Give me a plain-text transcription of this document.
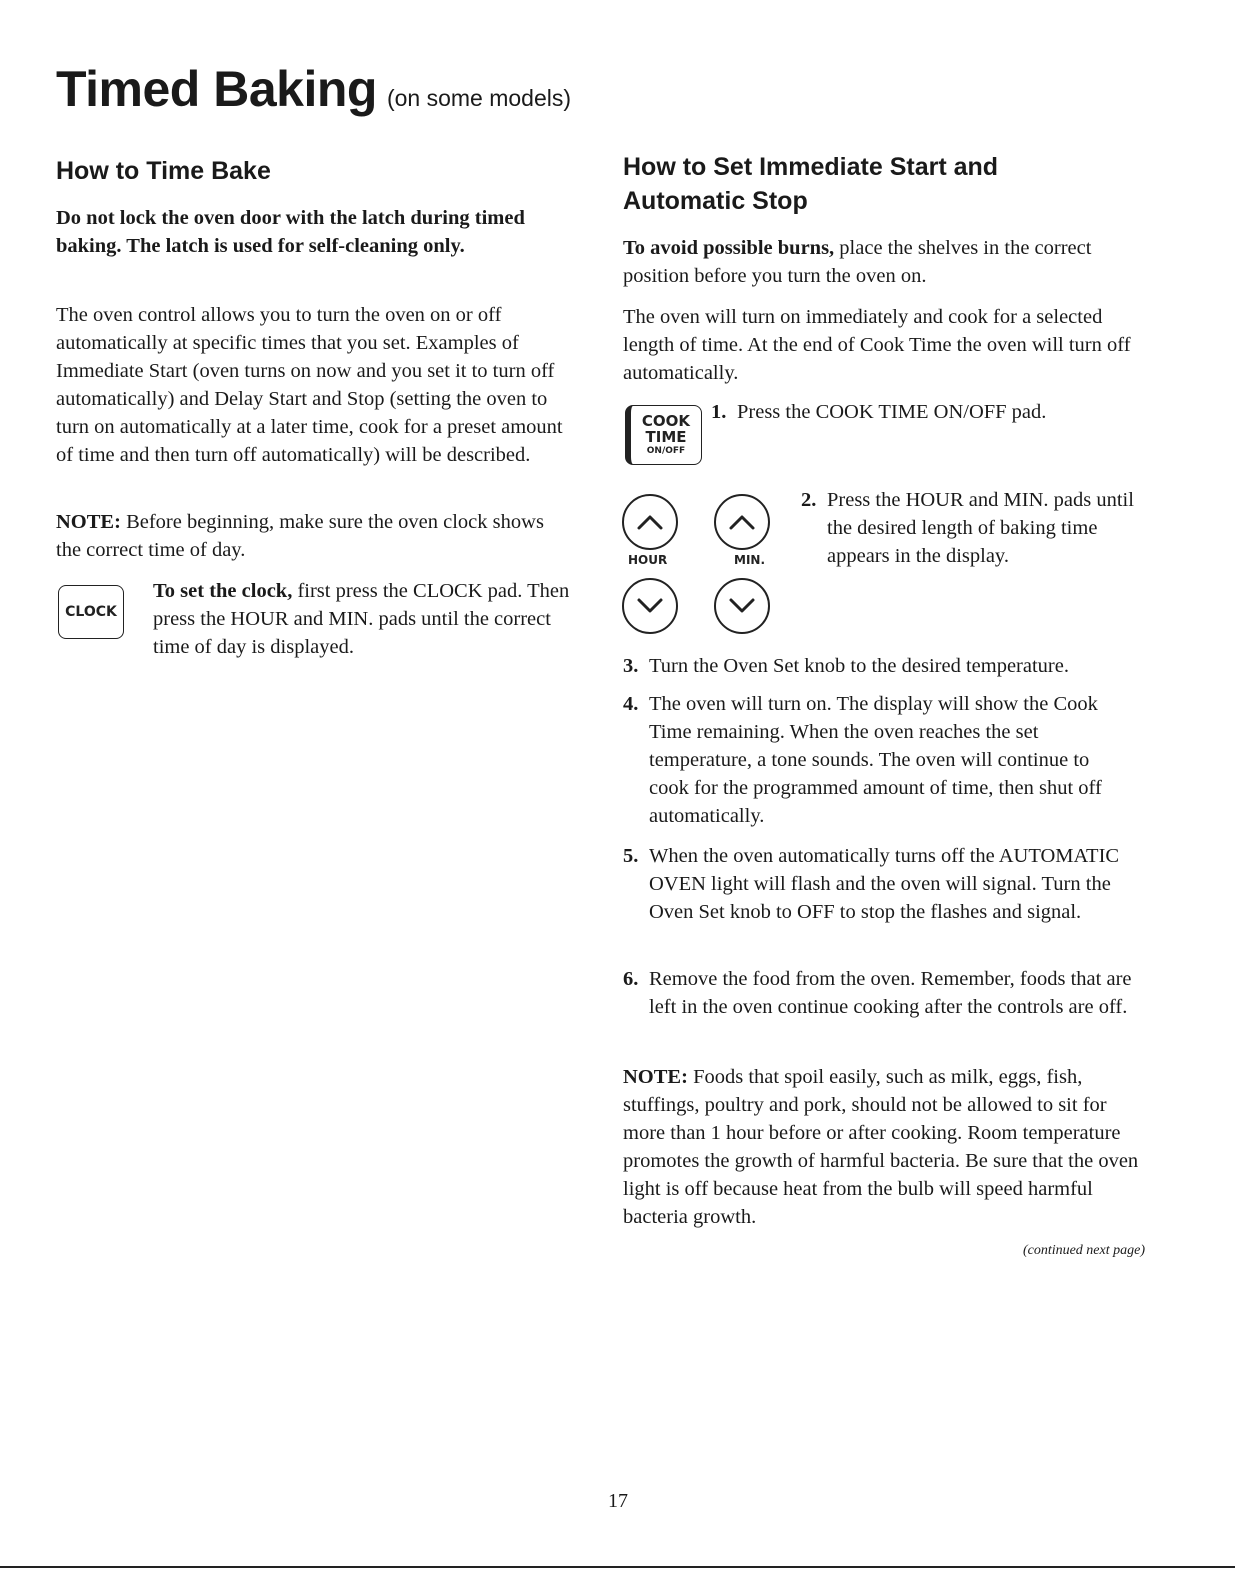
Timed Baking (on some models)
How to Time Bake
Do not lock the oven door with the latch during timed baking. The latch is used for self-cleaning only.
The oven control allows you to turn the oven on or off automatically at specific times that you set. Examples of Immediate Start (oven turns on now and you set it to turn off automatically) and Delay Start and Stop (setting the oven to turn on automatically at a later time, cook for a preset amount of time and then turn off automatically) will be described.
NOTE: Before beginning, make sure the oven clock shows the correct time of day.
CLOCK
To set the clock, first press the CLOCK pad. Then press the HOUR and MIN. pads until the correct time of day is displayed.
How to Set Immediate Start and
Automatic Stop
To avoid possible burns, place the shelves in the correct position before you turn the oven on.
The oven will turn on immediately and cook for a selected length of time. At the end of Cook Time the oven will turn off automatically.
COOK
TIME
ON/OFF
1. Press the COOK TIME ON/OFF pad.
HOUR	MIN.
2. Press the HOUR and MIN. pads until the desired length of baking time appears in the display.
3. Turn the Oven Set knob to the desired temperature.
4. The oven will turn on. The display will show the Cook Time remaining. When the oven reaches the set temperature, a tone sounds. The oven will continue to cook for the programmed amount of time, then shut off automatically.
5. When the oven automatically turns off the AUTOMATIC OVEN light will flash and the oven will signal. Turn the Oven Set knob to OFF to stop the flashes and signal.
6. Remove the food from the oven. Remember, foods that are left in the oven continue cooking after the controls are off.
NOTE: Foods that spoil easily, such as milk, eggs, fish, stuffings, poultry and pork, should not be allowed to sit for more than 1 hour before or after cooking. Room temperature promotes the growth of harmful bacteria. Be sure that the oven light is off because heat from the bulb will speed harmful bacteria growth.
(continued next page)
17
